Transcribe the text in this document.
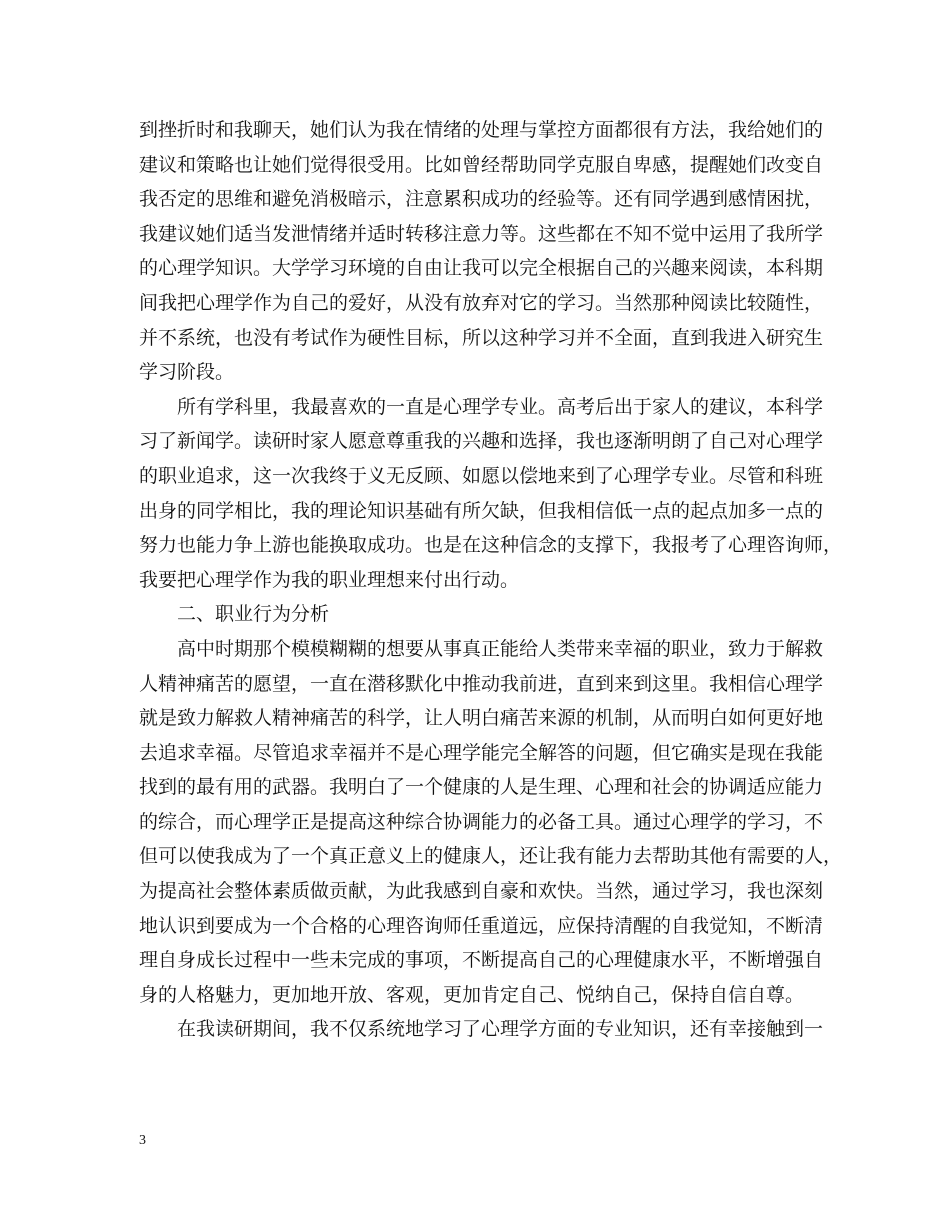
到挫折时和我聊天，她们认为我在情绪的处理与掌控方面都很有方法，我给她们的
建议和策略也让她们觉得很受用。比如曾经帮助同学克服自卑感，提醒她们改变自
我否定的思维和避免消极暗示，注意累积成功的经验等。还有同学遇到感情困扰，
我建议她们适当发泄情绪并适时转移注意力等。这些都在不知不觉中运用了我所学
的心理学知识。大学学习环境的自由让我可以完全根据自己的兴趣来阅读，本科期
间我把心理学作为自己的爱好，从没有放弃对它的学习。当然那种阅读比较随性，
并不系统，也没有考试作为硬性目标，所以这种学习并不全面，直到我进入研究生
学习阶段。
所有学科里，我最喜欢的一直是心理学专业。高考后出于家人的建议，本科学
习了新闻学。读研时家人愿意尊重我的兴趣和选择，我也逐渐明朗了自己对心理学
的职业追求，这一次我终于义无反顾、如愿以偿地来到了心理学专业。尽管和科班
出身的同学相比，我的理论知识基础有所欠缺，但我相信低一点的起点加多一点的
努力也能力争上游也能换取成功。也是在这种信念的支撑下，我报考了心理咨询师，
我要把心理学作为我的职业理想来付出行动。
二、职业行为分析
高中时期那个模模糊糊的想要从事真正能给人类带来幸福的职业，致力于解救
人精神痛苦的愿望，一直在潜移默化中推动我前进，直到来到这里。我相信心理学
就是致力解救人精神痛苦的科学，让人明白痛苦来源的机制，从而明白如何更好地
去追求幸福。尽管追求幸福并不是心理学能完全解答的问题，但它确实是现在我能
找到的最有用的武器。我明白了一个健康的人是生理、心理和社会的协调适应能力
的综合，而心理学正是提高这种综合协调能力的必备工具。通过心理学的学习，不
但可以使我成为了一个真正意义上的健康人，还让我有能力去帮助其他有需要的人，
为提高社会整体素质做贡献，为此我感到自豪和欢快。当然，通过学习，我也深刻
地认识到要成为一个合格的心理咨询师任重道远，应保持清醒的自我觉知，不断清
理自身成长过程中一些未完成的事项，不断提高自己的心理健康水平，不断增强自
身的人格魅力，更加地开放、客观，更加肯定自己、悦纳自己，保持自信自尊。
在我读研期间，我不仅系统地学习了心理学方面的专业知识，还有幸接触到一
3
